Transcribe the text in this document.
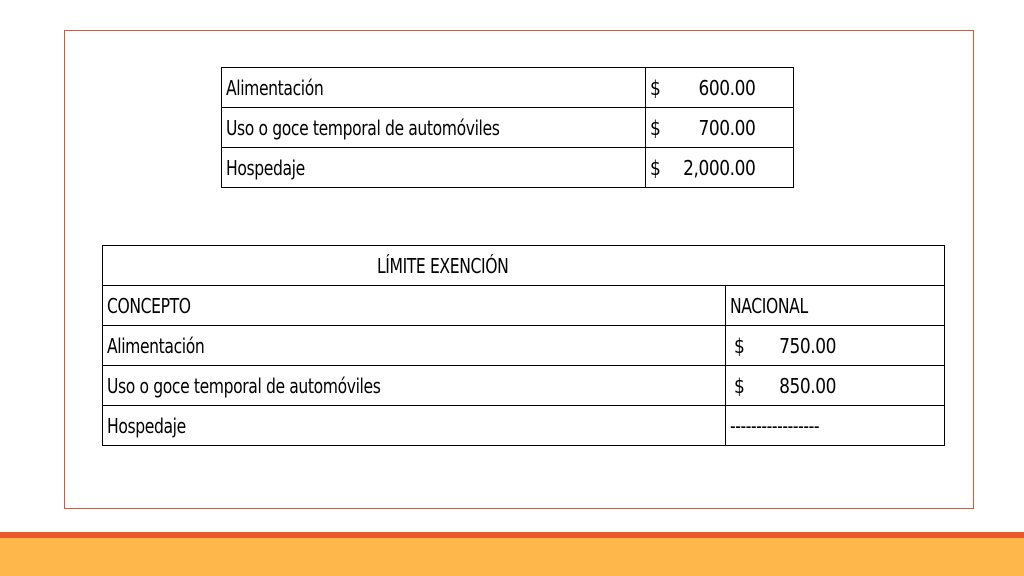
Alimentación	$ 600.00

Uso o goce temporal de automóviles	$ 700.00

Hospedaje	$ 2,000.00
LÍMITE EXENCIÓN	
CONCEPTO	NACIONAL
Alimentación	$ 750.00

Uso o goce temporal de automóviles	$ 850.00

Hospedaje	-----------------
